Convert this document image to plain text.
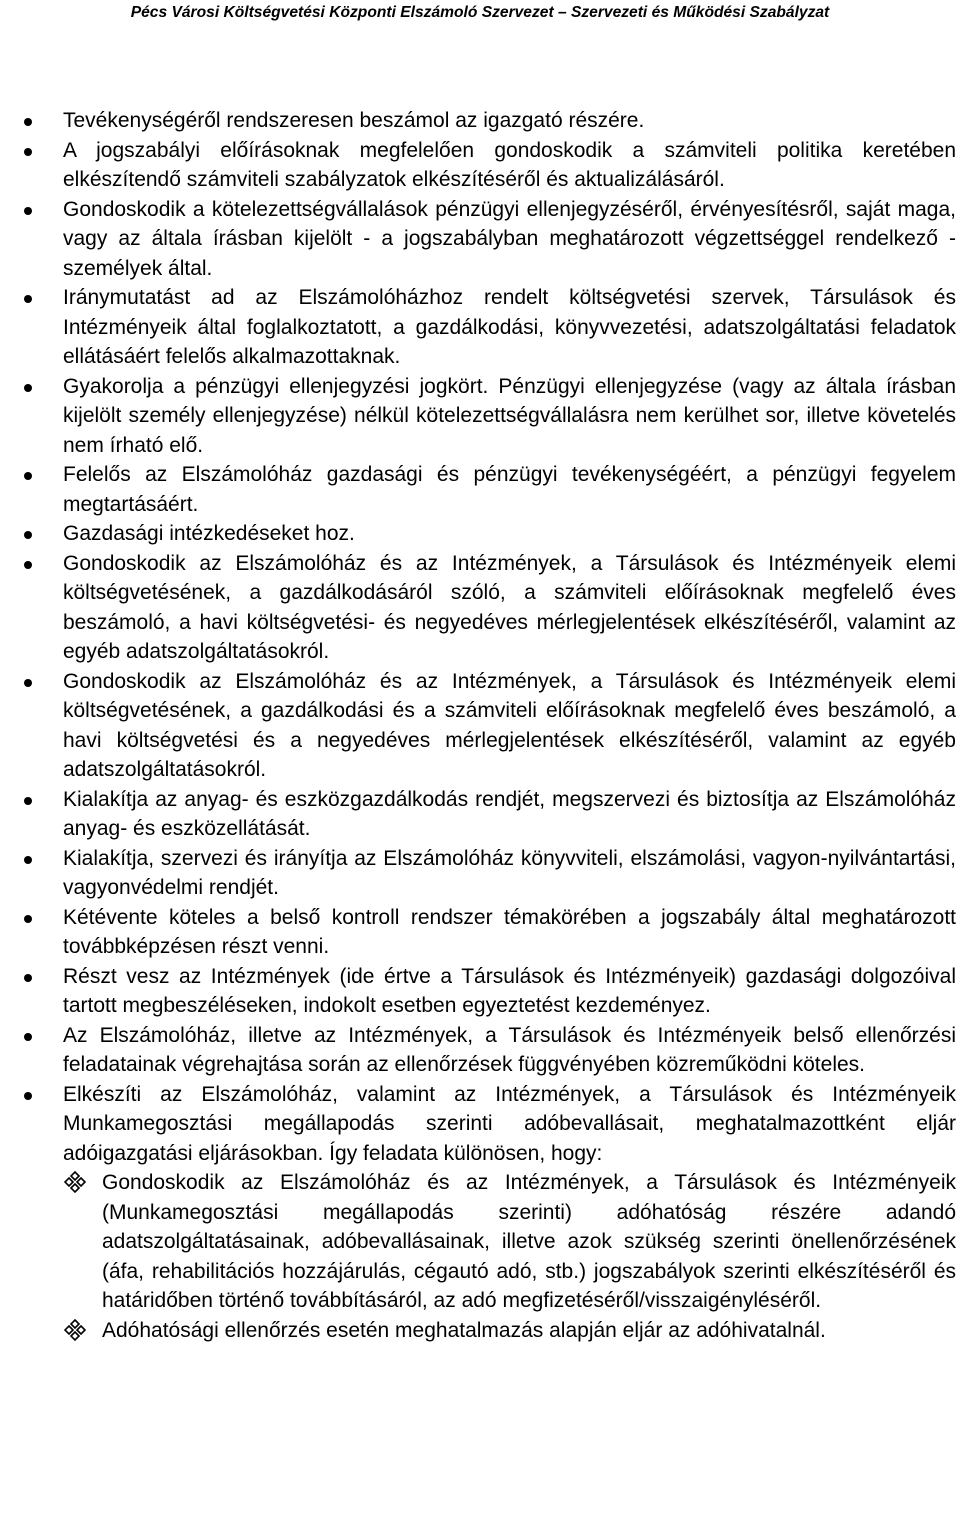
Pécs Városi Költségvetési Központi Elszámoló Szervezet – Szervezeti és Működési Szabályzat
Tevékenységéről rendszeresen beszámol az igazgató részére.
A jogszabályi előírásoknak megfelelően gondoskodik a számviteli politika keretében elkészítendő számviteli szabályzatok elkészítéséről és aktualizálásáról.
Gondoskodik a kötelezettségvállalások pénzügyi ellenjegyzéséről, érvényesítésről, saját maga, vagy az általa írásban kijelölt - a jogszabályban meghatározott végzettséggel rendelkező - személyek által.
Iránymutatást ad az Elszámolóházhoz rendelt költségvetési szervek, Társulások és Intézményeik által foglalkoztatott, a gazdálkodási, könyvvezetési, adatszolgáltatási feladatok ellátásáért felelős alkalmazottaknak.
Gyakorolja a pénzügyi ellenjegyzési jogkört. Pénzügyi ellenjegyzése (vagy az általa írásban kijelölt személy ellenjegyzése) nélkül kötelezettségvállalásra nem kerülhet sor, illetve követelés nem írható elő.
Felelős az Elszámolóház gazdasági és pénzügyi tevékenységéért, a pénzügyi fegyelem megtartásáért.
Gazdasági intézkedéseket hoz.
Gondoskodik az Elszámolóház és az Intézmények, a Társulások és Intézményeik elemi költségvetésének, a gazdálkodásáról szóló, a számviteli előírásoknak megfelelő éves beszámoló, a havi költségvetési- és negyedéves mérlegjelentések elkészítéséről, valamint az egyéb adatszolgáltatásokról.
Gondoskodik az Elszámolóház és az Intézmények, a Társulások és Intézményeik elemi költségvetésének, a gazdálkodási és a számviteli előírásoknak megfelelő éves beszámoló, a havi költségvetési és a negyedéves mérlegjelentések elkészítéséről, valamint az egyéb adatszolgáltatásokról.
Kialakítja az anyag- és eszközgazdálkodás rendjét, megszervezi és biztosítja az Elszámolóház anyag- és eszközellátását.
Kialakítja, szervezi és irányítja az Elszámolóház könyvviteli, elszámolási, vagyon-nyilvántartási, vagyonvédelmi rendjét.
Kétévente köteles a belső kontroll rendszer témakörében a jogszabály által meghatározott továbbképzésen részt venni.
Részt vesz az Intézmények (ide értve a Társulások és Intézményeik) gazdasági dolgozóival tartott megbeszéléseken, indokolt esetben egyeztetést kezdeményez.
Az Elszámolóház, illetve az Intézmények, a Társulások és Intézményeik belső ellenőrzési feladatainak végrehajtása során az ellenőrzések függvényében közreműködni köteles.
Elkészíti az Elszámolóház, valamint az Intézmények, a Társulások és Intézményeik Munkamegosztási megállapodás szerinti adóbevallásait, meghatalmazottként eljár adóigazgatási eljárásokban. Így feladata különösen, hogy:
Gondoskodik az Elszámolóház és az Intézmények, a Társulások és Intézményeik (Munkamegosztási megállapodás szerinti) adóhatóság részére adandó adatszolgáltatásainak, adóbevallásainak, illetve azok szükség szerinti önellenőrzésének (áfa, rehabilitációs hozzájárulás, cégautó adó, stb.) jogszabályok szerinti elkészítéséről és határidőben történő továbbításáról, az adó megfizetéséről/visszaigényléséről.
Adóhatósági ellenőrzés esetén meghatalmazás alapján eljár az adóhivatalnál.
